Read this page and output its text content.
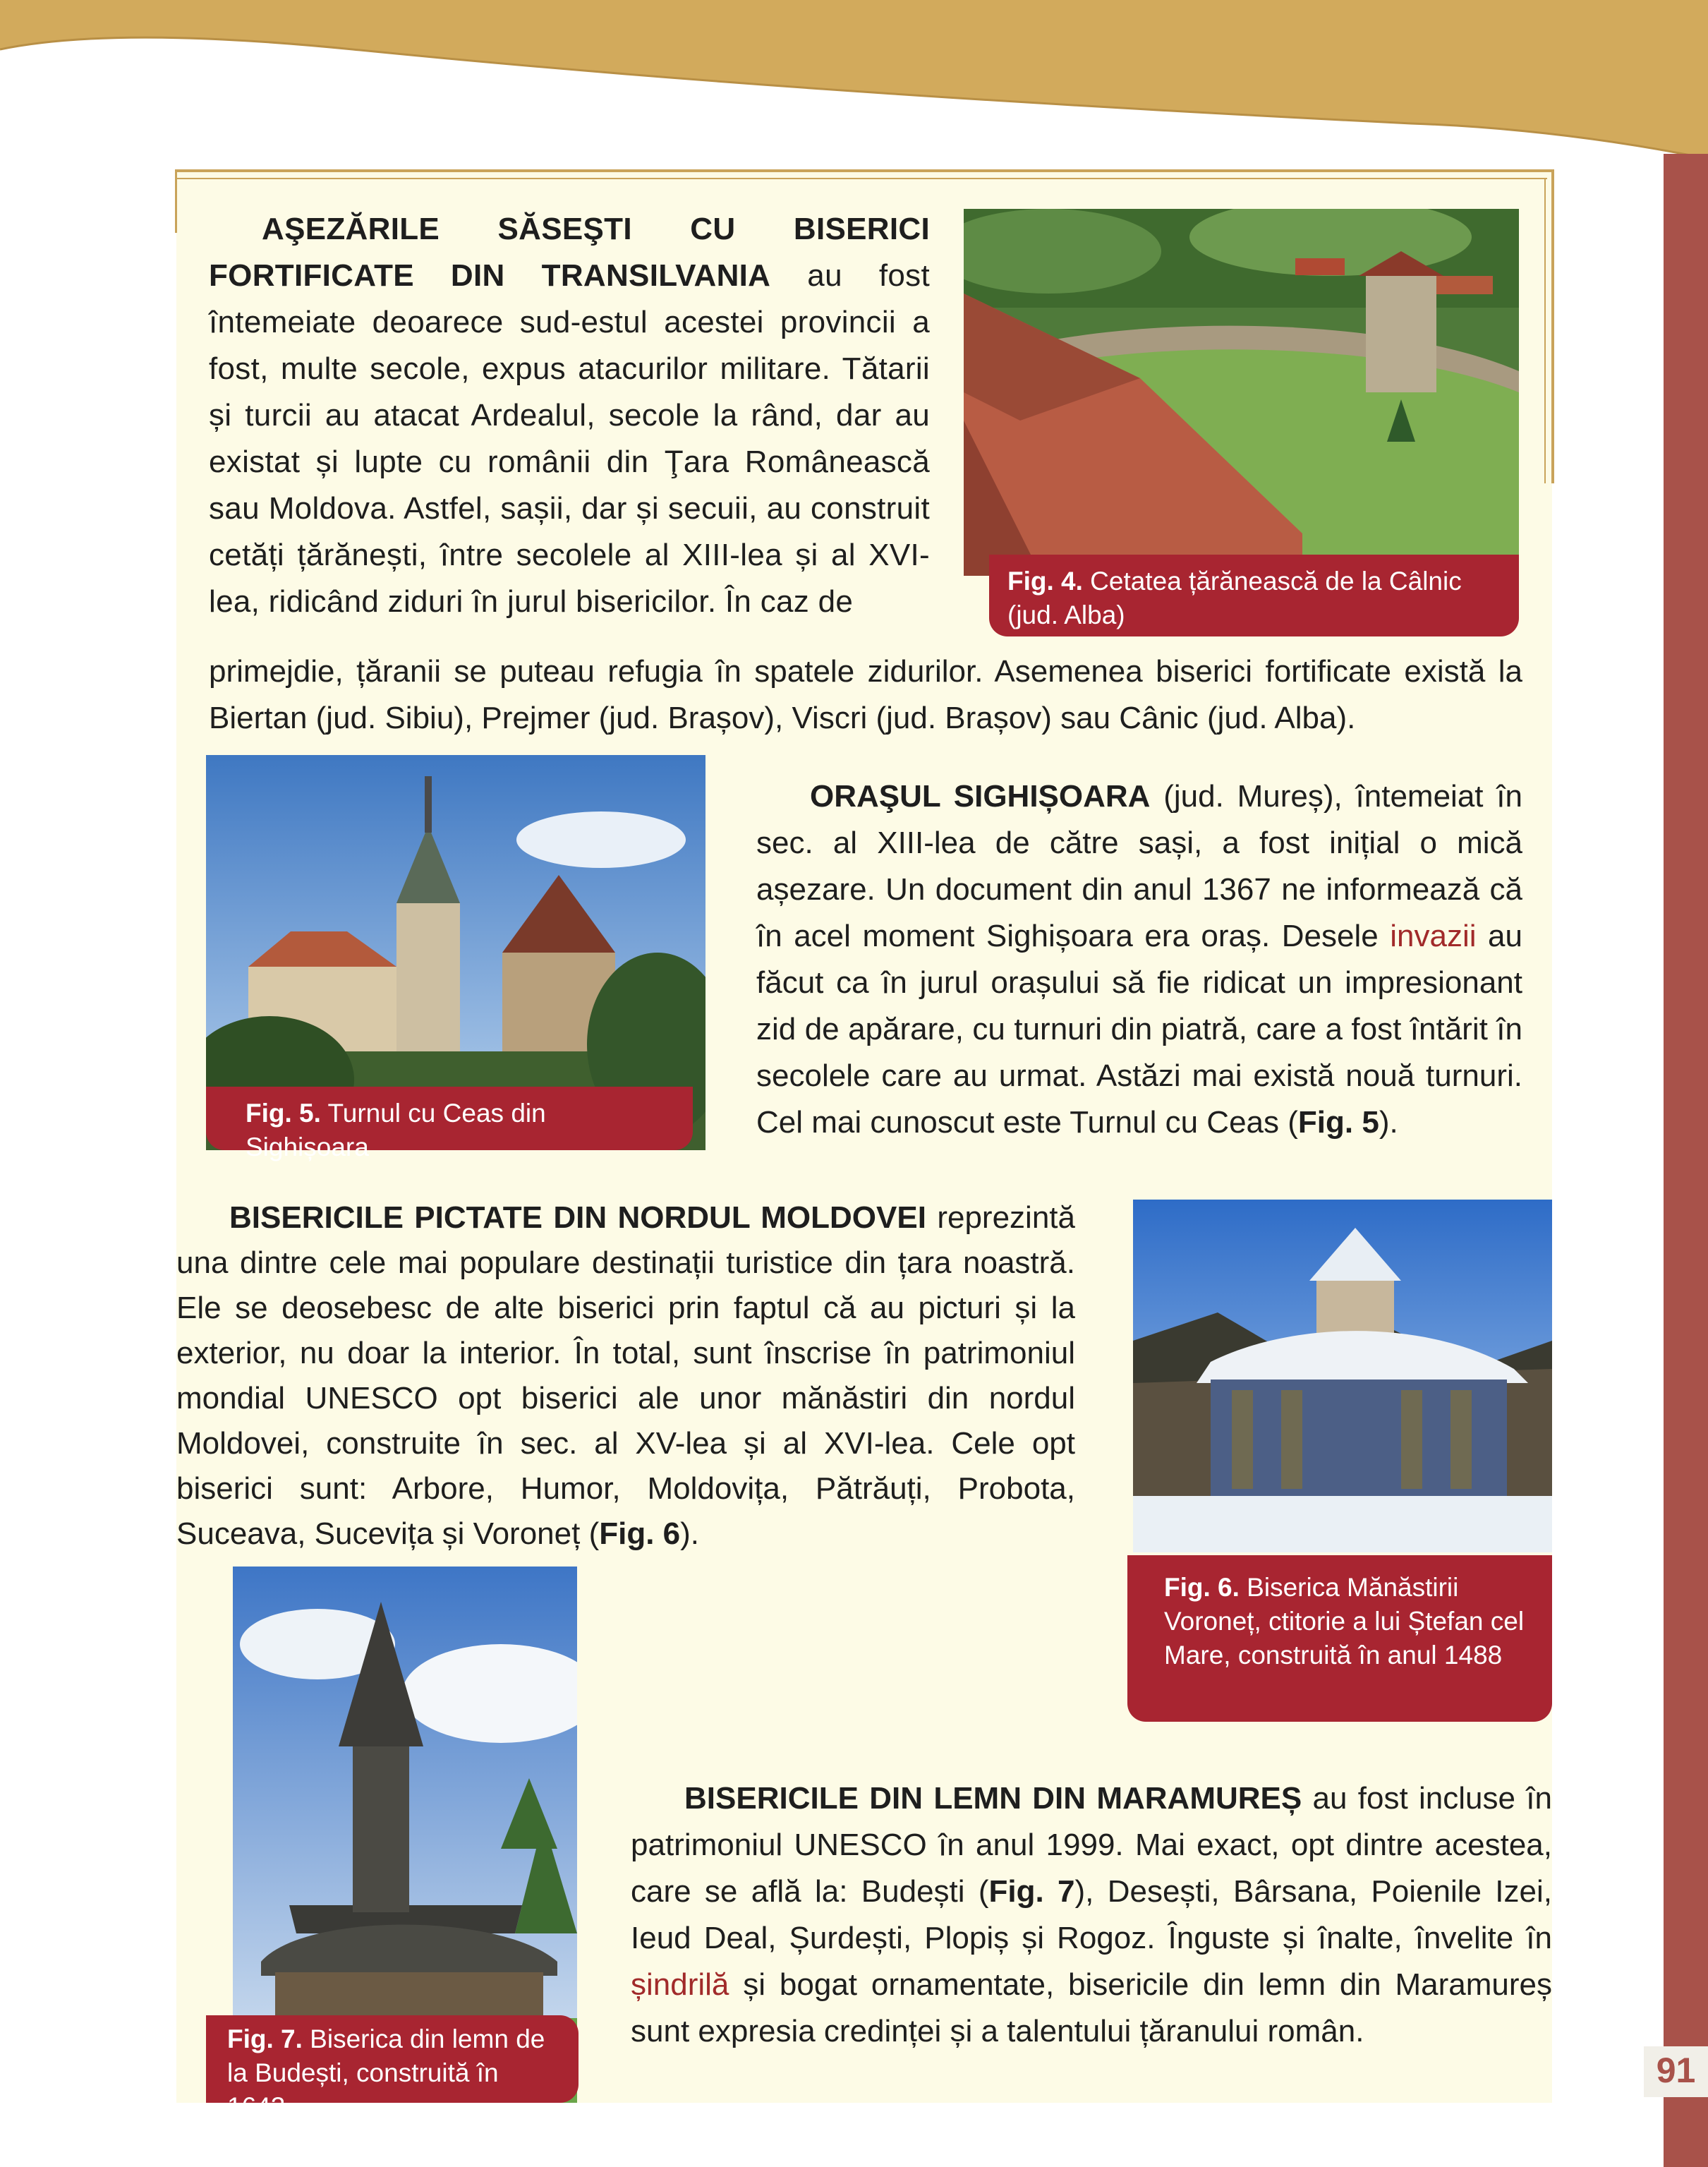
91

AŞEZĂRILE SĂSEŞTI CU BISERICI FORTIFICATE DIN TRANSILVANIA au fost întemeiate deoarece sud-estul acestei provincii a fost, multe secole, expus atacurilor militare. Tătarii și turcii au atacat Ardealul, secole la rând, dar au existat și lupte cu românii din Ţara Românească sau Moldova. Astfel, sașii, dar și secuii, au construit cetăți țărănești, între secolele al XIII-lea și al XVI-lea, ridicând ziduri în jurul bisericilor. În caz de

primejdie, țăranii se puteau refugia în spatele zidurilor. Asemenea biserici fortificate există la Biertan (jud. Sibiu), Prejmer (jud. Brașov), Viscri (jud. Brașov) sau Cânic (jud. Alba).

Fig. 4. Cetatea țărănească de la Câlnic (jud. Alba)
Fig. 5. Turnul cu Ceas din Sighișoara

ORAŞUL SIGHIȘOARA (jud. Mureș), întemeiat în sec. al XIII-lea de către sași, a fost inițial o mică așezare. Un document din anul 1367 ne informează că în acel moment Sighișoara era oraș. Desele invazii au făcut ca în jurul orașului să fie ridicat un impresionant zid de apărare, cu turnuri din piatră, care a fost întărit în secolele care au urmat. Astăzi mai există nouă turnuri. Cel mai cunoscut este Turnul cu Ceas (Fig. 5).

BISERICILE PICTATE DIN NORDUL MOLDOVEI reprezintă una dintre cele mai populare destinații turistice din țara noastră. Ele se deosebesc de alte biserici prin faptul că au picturi și la exterior, nu doar la interior. În total, sunt înscrise în patrimoniul mondial UNESCO opt biserici ale unor mănăstiri din nordul Moldovei, construite în sec. al XV-lea și al XVI-lea. Cele opt biserici sunt: Arbore, Humor, Moldovița, Pătrăuți, Probota, Suceava, Sucevița și Voroneț (Fig. 6).

Fig. 6. Biserica Mănăstirii Voroneț, ctitorie a lui Ștefan cel Mare, construită în anul 1488
Fig. 7. Biserica din lemn de la Budești, construită în 1643

BISERICILE DIN LEMN DIN MARAMUREȘ au fost incluse în patrimoniul UNESCO în anul 1999. Mai exact, opt dintre acestea, care se află la: Budești (Fig. 7), Desești, Bârsana, Poienile Izei, Ieud Deal, Șurdești, Plopiș și Rogoz. Înguste și înalte, învelite în șindrilă și bogat ornamentate, bisericile din lemn din Maramureș sunt expresia credinței și a talentului țăranului român.
